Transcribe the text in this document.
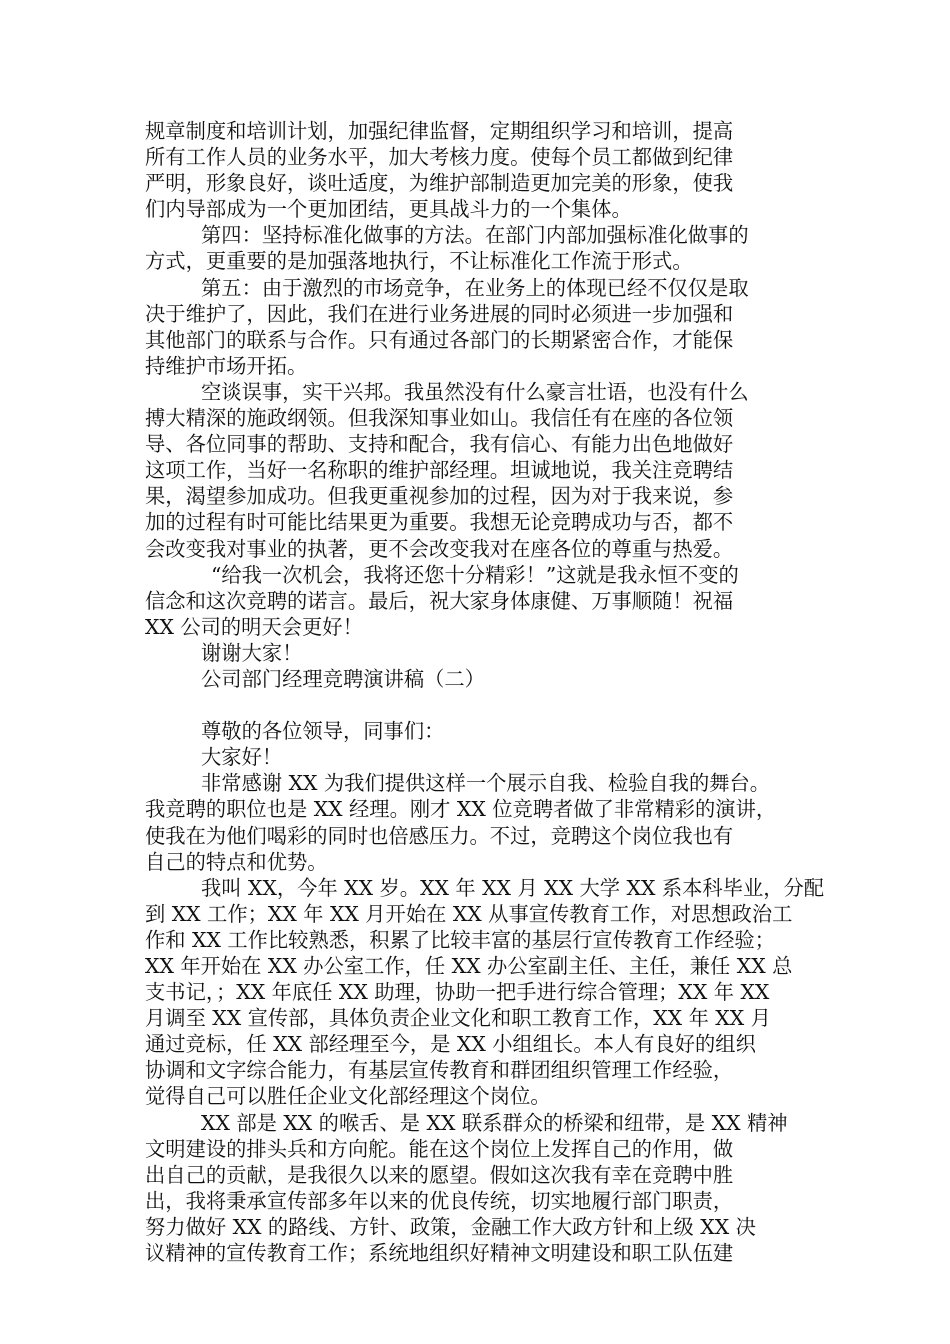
规章制度和培训计划，加强纪律监督，定期组织学习和培训，提高
所有工作人员的业务水平，加大考核力度。使每个员工都做到纪律
严明，形象良好，谈吐适度，为维护部制造更加完美的形象，使我
们内导部成为一个更加团结，更具战斗力的一个集体。
第四：坚持标准化做事的方法。在部门内部加强标准化做事的
方式，更重要的是加强落地执行，不让标准化工作流于形式。
第五：由于激烈的市场竞争，在业务上的体现已经不仅仅是取
决于维护了，因此，我们在进行业务进展的同时必须进一步加强和
其他部门的联系与合作。只有通过各部门的长期紧密合作，才能保
持维护市场开拓。
空谈误事，实干兴邦。我虽然没有什么豪言壮语，也没有什么
搏大精深的施政纲领。但我深知事业如山。我信任有在座的各位领
导、各位同事的帮助、支持和配合，我有信心、有能力出色地做好
这项工作，当好一名称职的维护部经理。坦诚地说，我关注竞聘结
果，渴望参加成功。但我更重视参加的过程，因为对于我来说，参
加的过程有时可能比结果更为重要。我想无论竞聘成功与否，都不
会改变我对事业的执著，更不会改变我对在座各位的尊重与热爱。
“给我一次机会，我将还您十分精彩！”这就是我永恒不变的
信念和这次竞聘的诺言。最后，祝大家身体康健、万事顺随！祝福
XX 公司的明天会更好！
谢谢大家！
公司部门经理竞聘演讲稿（二）
尊敬的各位领导，同事们：
大家好！
非常感谢 XX 为我们提供这样一个展示自我、检验自我的舞台。
我竞聘的职位也是 XX 经理。刚才 XX 位竞聘者做了非常精彩的演讲，
使我在为他们喝彩的同时也倍感压力。不过，竞聘这个岗位我也有
自己的特点和优势。
我叫 XX，今年 XX 岁。XX 年 XX 月 XX 大学 XX 系本科毕业，分配
到 XX 工作；XX 年 XX 月开始在 XX 从事宣传教育工作，对思想政治工
作和 XX 工作比较熟悉，积累了比较丰富的基层行宣传教育工作经验；
XX 年开始在 XX 办公室工作，任 XX 办公室副主任、主任，兼任 XX 总
支书记，；XX 年底任 XX 助理，协助一把手进行综合管理；XX 年 XX
月调至 XX 宣传部，具体负责企业文化和职工教育工作，XX 年 XX 月
通过竞标，任 XX 部经理至今，是 XX 小组组长。本人有良好的组织
协调和文字综合能力，有基层宣传教育和群团组织管理工作经验，
觉得自己可以胜任企业文化部经理这个岗位。
XX 部是 XX 的喉舌、是 XX 联系群众的桥梁和纽带，是 XX 精神
文明建设的排头兵和方向舵。能在这个岗位上发挥自己的作用，做
出自己的贡献，是我很久以来的愿望。假如这次我有幸在竞聘中胜
出，我将秉承宣传部多年以来的优良传统，切实地履行部门职责，
努力做好 XX 的路线、方针、政策，金融工作大政方针和上级 XX 决
议精神的宣传教育工作；系统地组织好精神文明建设和职工队伍建
